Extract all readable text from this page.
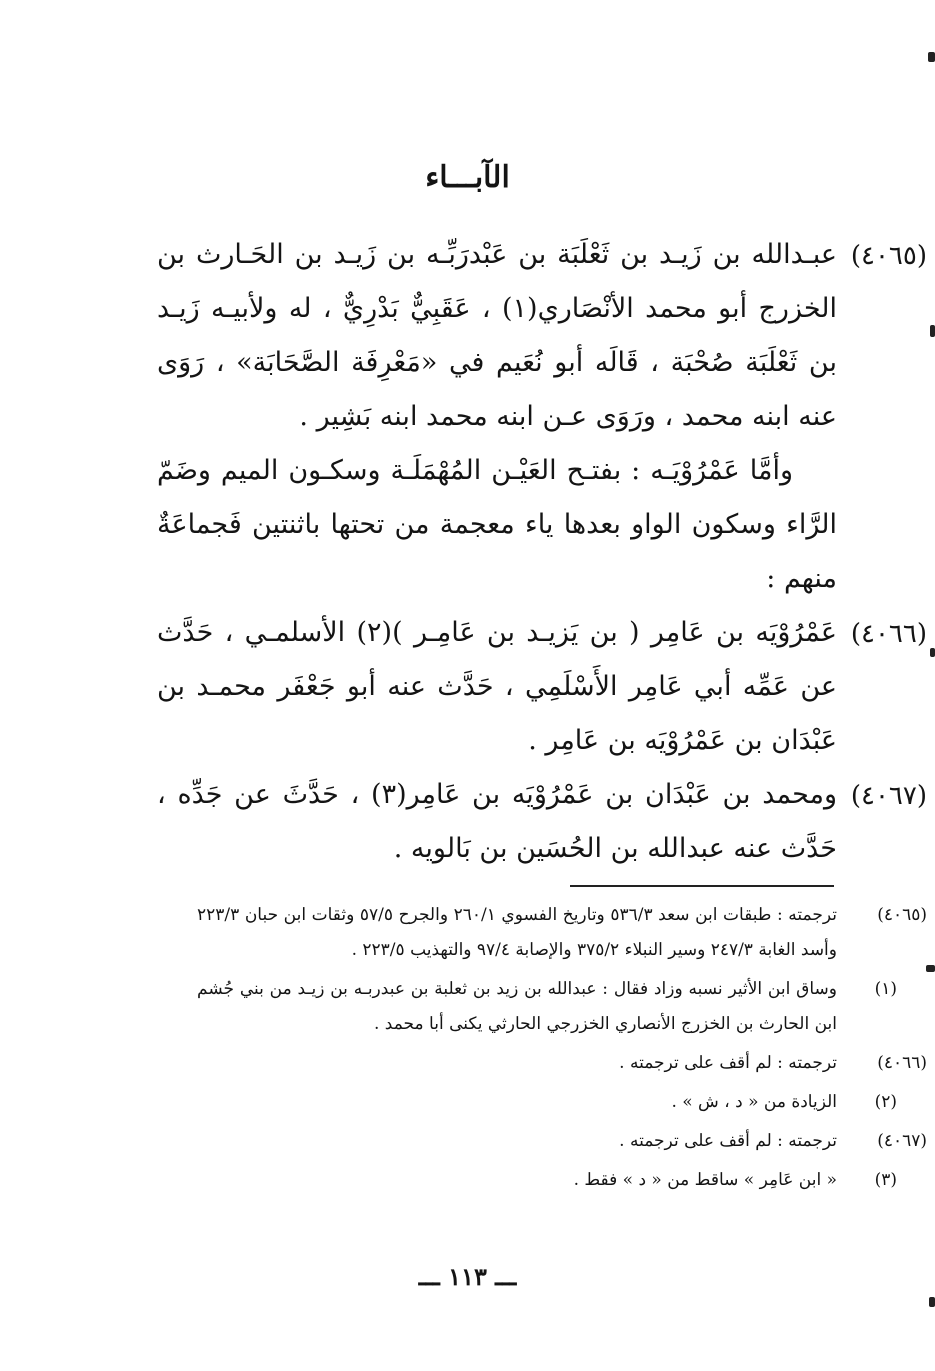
الآبـــاء
(٤٠٦٥)

عبـدالله بن زَيـد بن ثَعْلَبَة بن عَبْدرَبِّـه بن زَيـد بن الحَـارث بن الخزرج أبو محمد الأنْصَاري(١) ، عَقَبِيٌّ بَدْرِيٌّ ، له ولأبيـه زَيـد بن ثَعْلَبَة صُحْبَة ، قَالَه أبو نُعَيم في «مَعْرِفَة الصَّحَابَة» ، رَوَى عنه ابنه محمد ، ورَوَى عـن ابنه محمد ابنه بَشِير .

وأمَّا عَمْرُوْيَـه : بفتـح العَيْـن المُهْمَلَـة وسكـون الميم وضَمّ الرَّاء وسكون الواو بعدها ياء معجمة من تحتها باثنتين فَجماعَةٌ منهم :

(٤٠٦٦)

عَمْرُوْيَه بن عَامِر ( بن يَزيـد بن عَامِـر )(٢) الأسلمـي ، حَدَّث عن عَمِّه أبي عَامِر الأَسْلَمِي ، حَدَّث عنه أبو جَعْفَر محمـد بن عَبْدَان بن عَمْرُوْيَه بن عَامِر .

(٤٠٦٧)

ومحمد بن عَبْدَان بن عَمْرُوْيَه بن عَامِر(٣) ، حَدَّثَ عن جَدِّه ، حَدَّث عنه عبدالله بن الحُسَين بن بَالويه .

(٤٠٦٥)
ترجمته : طبقات ابن سعد ٥٣٦/٣ وتاريخ الفسوي ٢٦٠/١ والجرح ٥٧/٥ وثقات ابن حبان ٢٢٣/٣ وأسد الغابة ٢٤٧/٣ وسير النبلاء ٣٧٥/٢ والإصابة ٩٧/٤ والتهذيب ٢٢٣/٥ .
(١)
وساق ابن الأثير نسبه وزاد فقال : عبدالله بن زيد بن ثعلبة بن عبدربـه بن زيـد من بني جُشم ابن الحارث بن الخزرج الأنصاري الخزرجي الحارثي يكنى أبا محمد .
(٤٠٦٦)
ترجمته : لم أقف على ترجمته .
(٢)
الزيادة من « د ، ش » .
(٤٠٦٧)
ترجمته : لم أقف على ترجمته .
(٣)
« ابن عَامِر » ساقط من « د » فقط .

ـــ ١١٣ ـــ
